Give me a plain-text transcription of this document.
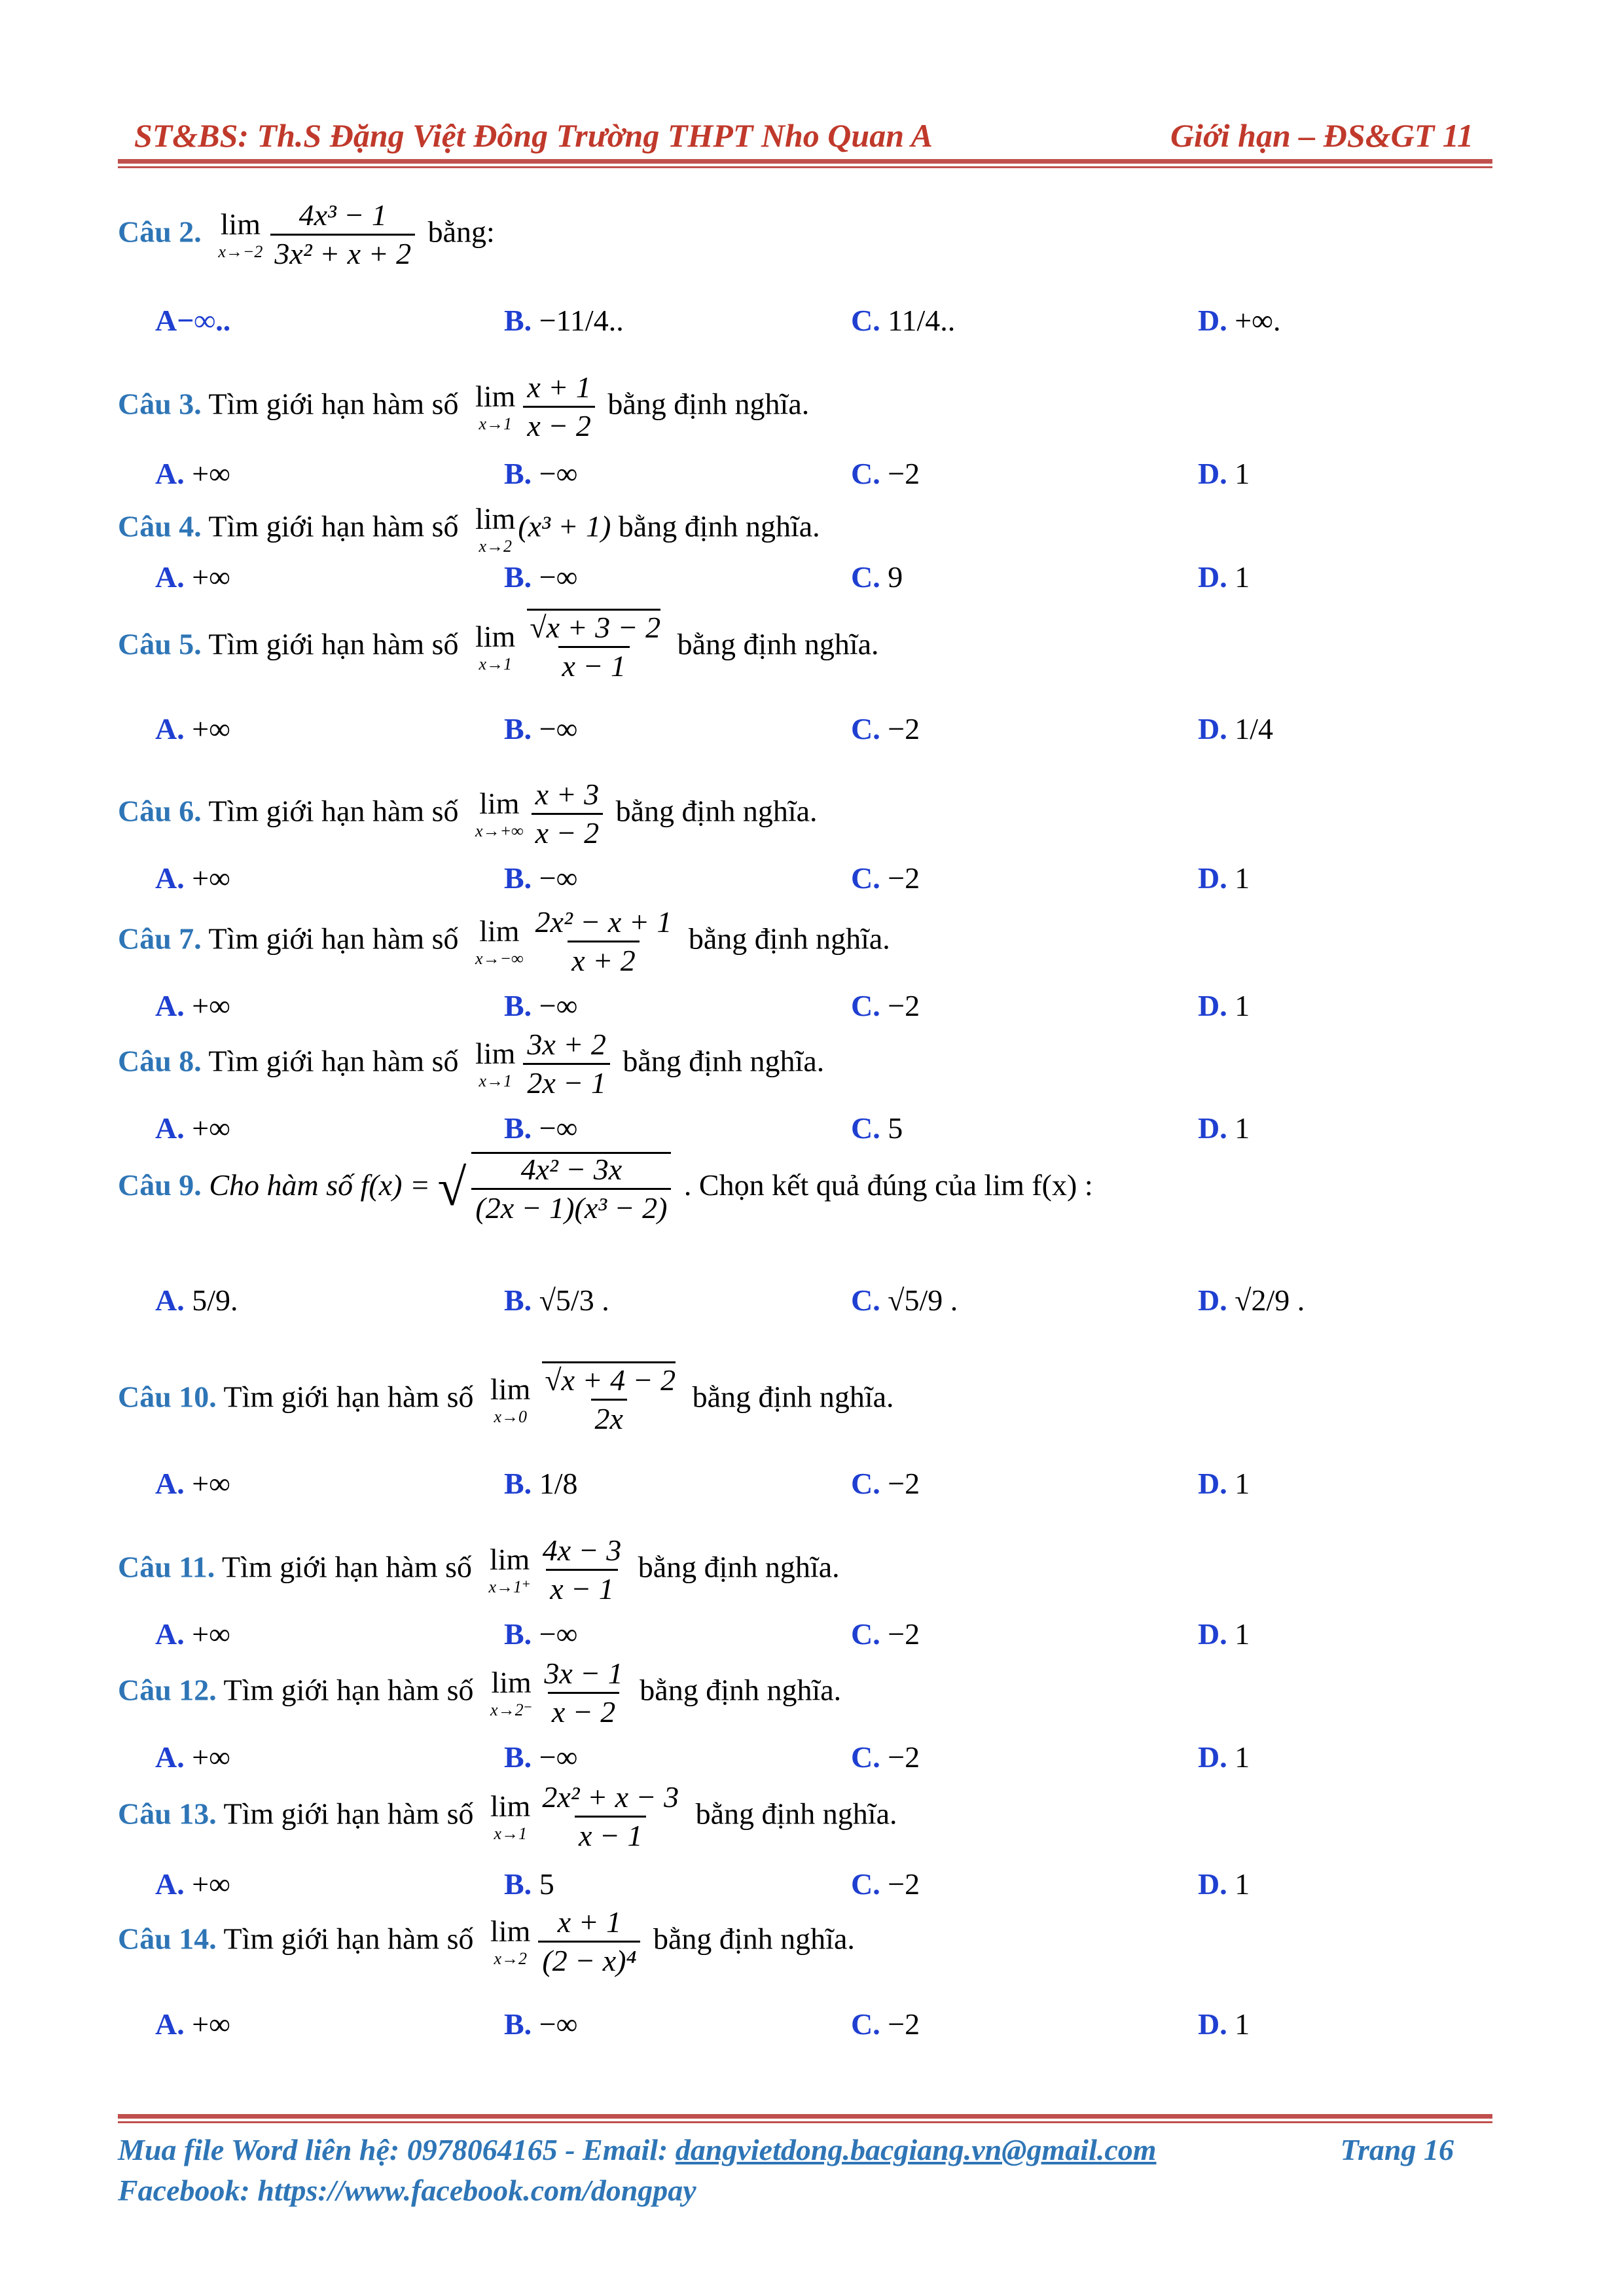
ST&BS: Th.S Đặng Việt Đông Trường THPT Nho Quan A	Giới hạn – ĐS&GT 11
Câu 2. lim
$x\to-2 \frac{\text{4x³ − 1}}{\text{3x² + x + 2}}$ bằng:
A−∞..	B. −11/4..	C. 11/4..	D. +∞.
Câu 3. Tìm giới hạn hàm số lim
$x\to 1 \frac{x + 1}{x - 2}$ bằng định nghĩa.
A. +∞	B. −∞	C. −2	D. 1
Câu 4. Tìm giới hạn hàm số lim
x→2
(x³ + 1) bằng định nghĩa.
A. +∞	B. −∞	C. 9	D. 1
Câu 5. Tìm giới hạn hàm số lim
x→1 √ $\frac{x + 3 - 2}{x - 1}$ bằng định nghĩa.
A. +∞	B. −∞	C. −2	D. 1/4
Câu 6. Tìm giới hạn hàm số lim
$x\to+\infty \frac{x + 3}{x - 2}$ bằng định nghĩa.
A. +∞	B. −∞	C. −2	D. 1
Câu 7. Tìm giới hạn hàm số lim
$x\to-\infty \frac{\text{2x² − x + 1}}{x + 2}$ bằng định nghĩa.
A. +∞	B. −∞	C. −2	D. 1
Câu 8. Tìm giới hạn hàm số lim
$x\to 1 \frac{3x + 2}{2x - 1}$ bằng định nghĩa.
A. +∞	B. −∞	C. 5	D. 1
Câu 9. Cho hàm số f(x) = √ $\frac{\text{4x² − 3x}}{\text{(2x − 1)(x³ − 2)}}$ . Chọn kết quả đúng của lim f(x) :
A. 5/9.	B. √5/3 .	C. √5/9 .	D. √2/9 .
Câu 10. Tìm giới hạn hàm số lim
x→0 √ $\frac{x + 4 - 2}{2x}$ bằng định nghĩa.
A. +∞	B. 1/8	C. −2	D. 1
Câu 11. Tìm giới hạn hàm số lim
$x\to 1^+ \frac{4x - 3}{x - 1}$ bằng định nghĩa.
A. +∞	B. −∞	C. −2	D. 1
Câu 12. Tìm giới hạn hàm số lim
$x\to 2^- \frac{3x - 1}{x - 2}$ bằng định nghĩa.
A. +∞	B. −∞	C. −2	D. 1
Câu 13. Tìm giới hạn hàm số lim
$x\to 1 \frac{\text{2x² + x − 3}}{x - 1}$ bằng định nghĩa.
A. +∞	B. 5	C. −2	D. 1
Câu 14. Tìm giới hạn hàm số lim
$x\to 2 \frac{x + 1}{\text{(2 − x)⁴}}$ bằng định nghĩa.
A. +∞	B. −∞	C. −2	D. 1
Mua file Word liên hệ: 0978064165 - Email: dangvietdong.bacgiang.vn@gmail.com	Trang 16
Facebook: https://www.facebook.com/dongpay
